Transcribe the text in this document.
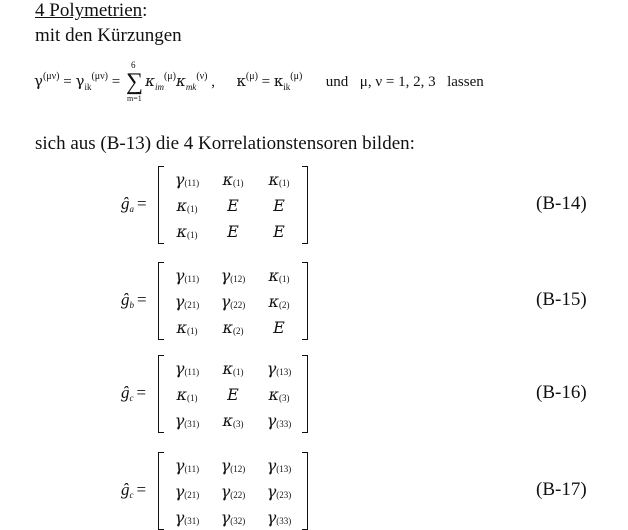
4 Polymetrien:
mit den Kürzungen
$\gamma^{(\mu\nu)} = \gamma_{ik}^{(\mu\nu)}$ = ∑
6
m=1
$\kappa_{im}^{(\mu)}\kappa_{mk}^{(\nu)}$ , $\kappa^{(\mu)} = \kappa_{ik}^{(\mu)}$ und μ, ν = 1, 2, 3 lassen
sich aus (B-13) die 4 Korrelationstensoren bilden:
ĝa =
γ (11) κ (1) κ (1)
κ (1) E E
κ (1) E E
(B-14)
ĝb =
γ (11) γ (12) κ (1)
γ (21) γ (22) κ (2)
κ (1) κ (2) E
(B-15)
ĝc =
γ (11) κ (1) γ (13)
κ (1) E κ (3)
γ (31) κ (3) γ (33)
(B-16)
ĝc =
γ (11) γ (12) γ (13)
γ (21) γ (22) γ (23)
γ (31) γ (32) γ (33)
(B-17)
